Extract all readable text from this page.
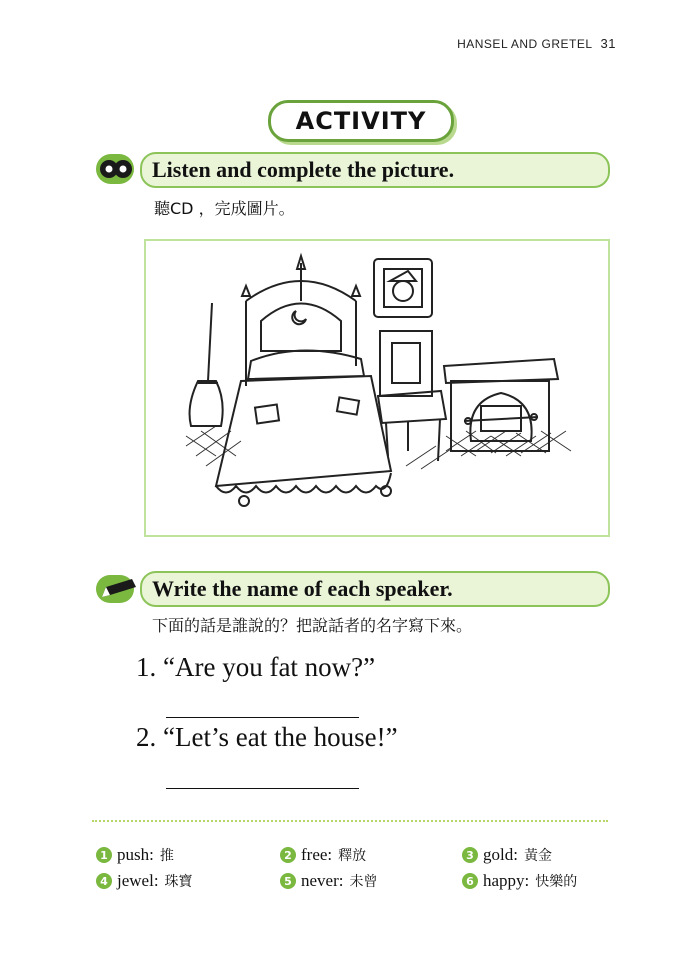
HANSEL AND GRETEL 31
ACTIVITY
Listen and complete the picture.
聽CD ，完成圖片。
Write the name of each speaker.
下面的話是誰說的？把說話者的名字寫下來。
1. “Are you fat now?”
2. “Let’s eat the house!”
1 push: 推	2 free: 釋放	3 gold: 黃金
4 jewel: 珠寶	5 never: 未曾	6 happy: 快樂的
